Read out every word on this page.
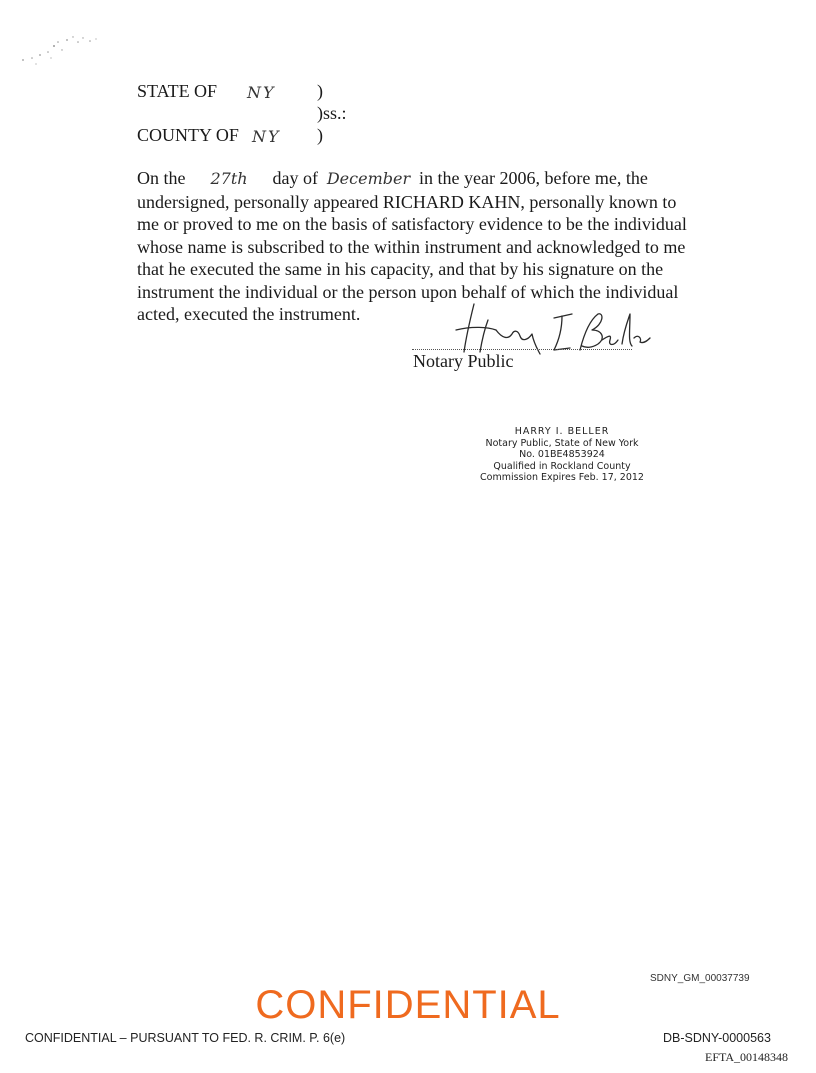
STATE OF NY )
)ss.:
COUNTY OF NY )
On the 27th day of December in the year 2006, before me, the
undersigned, personally appeared RICHARD KAHN, personally known to
me or proved to me on the basis of satisfactory evidence to be the individual
whose name is subscribed to the within instrument and acknowledged to me
that he executed the same in his capacity, and that by his signature on the
instrument the individual or the person upon behalf of which the individual
acted, executed the instrument.
Notary Public
HARRY I. BELLER
Notary Public, State of New York
No. 01BE4853924
Qualified in Rockland County
Commission Expires Feb. 17, 2012
SDNY_GM_00037739
CONFIDENTIAL
CONFIDENTIAL – PURSUANT TO FED. R. CRIM. P. 6(e)	DB-SDNY-0000563
EFTA_00148348
